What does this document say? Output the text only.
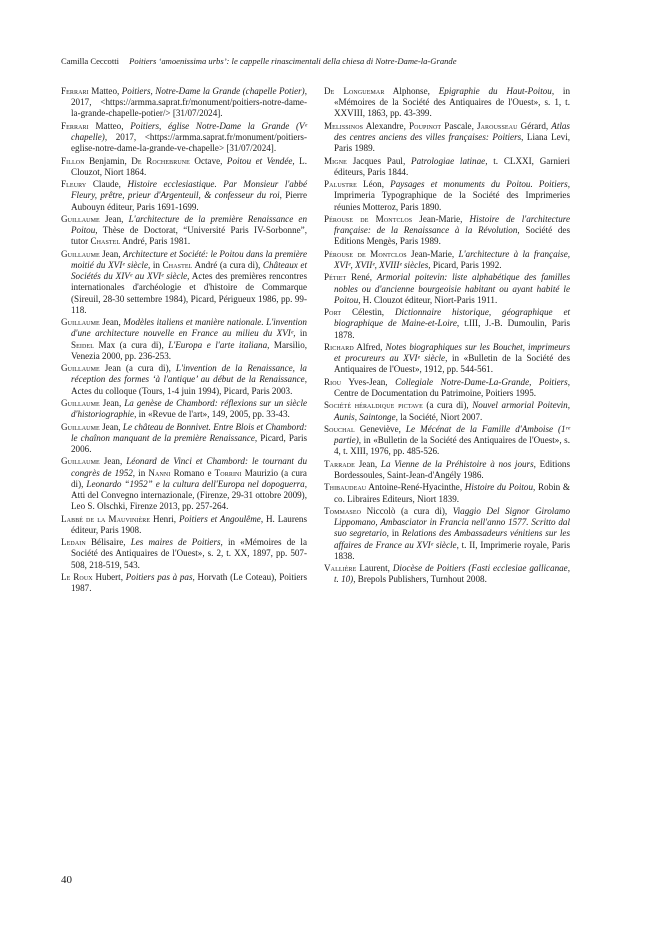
Camilla Ceccotti Poitiers ‘amoenissima urbs’: le cappelle rinascimentali della chiesa di Notre-Dame-la-Grande

Ferrari Matteo, Poitiers, Notre-Dame la Grande (chapelle Potier), 2017, <https://armma.saprat.fr/monument/poitiers-notre-dame-la-grande-chapelle-potier/> [31/07/2024].

Ferrari Matteo, Poitiers, église Notre-Dame la Grande (Vᵉ chapelle), 2017, <https://armma.saprat.fr/monument/poitiers-eglise-notre-dame-la-grande-ve-chapelle> [31/07/2024].

Fillon Benjamin, De Rochebrune Octave, Poitou et Vendée, L. Clouzot, Niort 1864.

Fleury Claude, Histoire ecclesiastique. Par Monsieur l'abbé Fleury, prêtre, prieur d'Argenteuil, & confesseur du roi, Pierre Aubouyn éditeur, Paris 1691-1699.

Guillaume Jean, L'architecture de la première Renaissance en Poitou, Thèse de Doctorat, “Université Paris IV-Sorbonne”, tutor Chastel André, Paris 1981.

Guillaume Jean, Architecture et Société: le Poitou dans la première moitié du XVIᵉ siècle, in Chastel André (a cura di), Châteaux et Sociétés du XIVᵉ au XVIᵉ siècle, Actes des premières rencontres internationales d'archéologie et d'histoire de Commarque (Sireuil, 28-30 settembre 1984), Picard, Périgueux 1986, pp. 99-118.

Guillaume Jean, Modèles italiens et manière nationale. L'invention d'une architecture nouvelle en France au milieu du XVIᵉ, in Seidel Max (a cura di), L'Europa e l'arte italiana, Marsilio, Venezia 2000, pp. 236-253.

Guillaume Jean (a cura di), L'invention de la Renaissance, la réception des formes ‘à l'antique’ au début de la Renaissance, Actes du colloque (Tours, 1-4 juin 1994), Picard, Paris 2003.

Guillaume Jean, La genèse de Chambord: réflexions sur un siècle d'historiographie, in «Revue de l'art», 149, 2005, pp. 33-43.

Guillaume Jean, Le château de Bonnivet. Entre Blois et Chambord: le chaînon manquant de la première Renaissance, Picard, Paris 2006.

Guillaume Jean, Léonard de Vinci et Chambord: le tournant du congrès de 1952, in Nanni Romano e Torrini Maurizio (a cura di), Leonardo “1952” e la cultura dell'Europa nel dopoguerra, Atti del Convegno internazionale, (Firenze, 29-31 ottobre 2009), Leo S. Olschki, Firenze 2013, pp. 257-264.

Labbé de la Mauvinière Henri, Poitiers et Angoulême, H. Laurens éditeur, Paris 1908.

Ledain Bélisaire, Les maires de Poitiers, in «Mémoires de la Société des Antiquaires de l'Ouest», s. 2, t. XX, 1897, pp. 507-508, 218-519, 543.

Le Roux Hubert, Poitiers pas à pas, Horvath (Le Coteau), Poitiers 1987.

De Longuemar Alphonse, Epigraphie du Haut-Poitou, in «Mémoires de la Société des Antiquaires de l'Ouest», s. 1, t. XXVIII, 1863, pp. 43-399.

Melissinos Alexandre, Poupinot Pascale, Jarousseau Gérard, Atlas des centres anciens des villes françaises: Poitiers, Liana Levi, Paris 1989.

Migne Jacques Paul, Patrologiae latinae, t. CLXXI, Garnieri éditeurs, Paris 1844.

Palustre Léon, Paysages et monuments du Poitou. Poitiers, Imprimeria Typographique de la Société des Imprimeries réunies Motteroz, Paris 1890.

Pérouse de Montclos Jean-Marie, Histoire de l'architecture française: de la Renaissance à la Révolution, Société des Editions Mengès, Paris 1989.

Pérouse de Montclos Jean-Marie, L'architecture à la française, XVIᵉ, XVIIᵉ, XVIIIᵉ siècles, Picard, Paris 1992.

Pétiet René, Armorial poitevin: liste alphabétique des familles nobles ou d'ancienne bourgeoisie habitant ou ayant habité le Poitou, H. Clouzot éditeur, Niort-Paris 1911.

Port Célestin, Dictionnaire historique, géographique et biographique de Maine-et-Loire, t.III, J.-B. Dumoulin, Paris 1878.

Richard Alfred, Notes biographiques sur les Bouchet, imprimeurs et procureurs au XVIᵉ siècle, in «Bulletin de la Société des Antiquaires de l'Ouest», 1912, pp. 544-561.

Riou Yves-Jean, Collegiale Notre-Dame-La-Grande, Poitiers, Centre de Documentation du Patrimoine, Poitiers 1995.

Société héraldique pictave (a cura di), Nouvel armorial Poitevin, Aunis, Saintonge, la Société, Niort 2007.

Souchal Geneviève, Le Mécénat de la Famille d'Amboise (1ʳᵉ partie), in «Bulletin de la Société des Antiquaires de l'Ouest», s. 4, t. XIII, 1976, pp. 485-526.

Tarrade Jean, La Vienne de la Préhistoire à nos jours, Editions Bordessoules, Saint-Jean-d'Angély 1986.

Thibaudeau Antoine-René-Hyacinthe, Histoire du Poitou, Robin & co. Libraires Editeurs, Niort 1839.

Tommaseo Niccolò (a cura di), Viaggio Del Signor Girolamo Lippomano, Ambasciator in Francia nell'anno 1577. Scritto dal suo segretario, in Relations des Ambassadeurs vénitiens sur les affaires de France au XVIᵉ siècle, t. II, Imprimerie royale, Paris 1838.

Vallière Laurent, Diocèse de Poitiers (Fasti ecclesiae gallicanae, t. 10), Brepols Publishers, Turnhout 2008.

40
